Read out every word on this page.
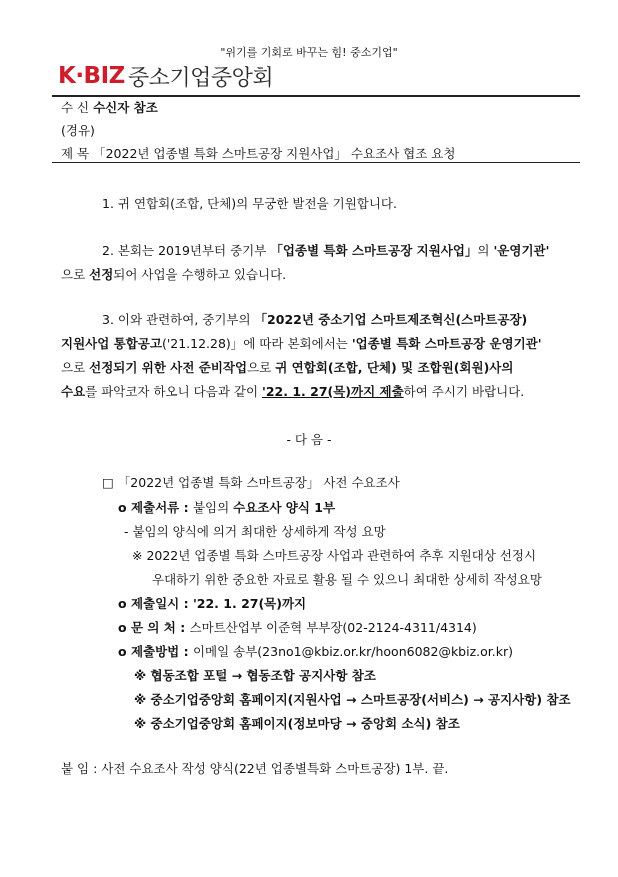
"위기를 기회로 바꾸는 힘! 중소기업"
K·BIZ 중소기업중앙회
수 신 수신자 참조
(경유)
제 목 「2022년 업종별 특화 스마트공장 지원사업」 수요조사 협조 요청
1. 귀 연합회(조합, 단체)의 무궁한 발전을 기원합니다.
2. 본회는 2019년부터 중기부 「업종별 특화 스마트공장 지원사업」의 '운영기관'
으로 선정되어 사업을 수행하고 있습니다.
3. 이와 관련하여, 중기부의 「2022년 중소기업 스마트제조혁신(스마트공장)
지원사업 통합공고('21.12.28)」에 따라 본회에서는 '업종별 특화 스마트공장 운영기관'
으로 선정되기 위한 사전 준비작업으로 귀 연합회(조합, 단체) 및 조합원(회원)사의
수요를 파악코자 하오니 다음과 같이 '22. 1. 27(목)까지 제출하여 주시기 바랍니다.
- 다 음 -
□ 「2022년 업종별 특화 스마트공장」 사전 수요조사
o 제출서류 : 붙임의 수요조사 양식 1부
- 붙임의 양식에 의거 최대한 상세하게 작성 요망
※ 2022년 업종별 특화 스마트공장 사업과 관련하여 추후 지원대상 선정시
우대하기 위한 중요한 자료로 활용 될 수 있으니 최대한 상세히 작성요망
o 제출일시 : '22. 1. 27(목)까지
o 문 의 처 : 스마트산업부 이준혁 부부장(02-2124-4311/4314)
o 제출방법 : 이메일 송부(23no1@kbiz.or.kr/hoon6082@kbiz.or.kr)
※ 협동조합 포털 → 협동조합 공지사항 참조
※ 중소기업중앙회 홈페이지(지원사업 → 스마트공장(서비스) → 공지사항) 참조
※ 중소기업중앙회 홈페이지(정보마당 → 중앙회 소식) 참조
붙 임 : 사전 수요조사 작성 양식(22년 업종별특화 스마트공장) 1부. 끝.
